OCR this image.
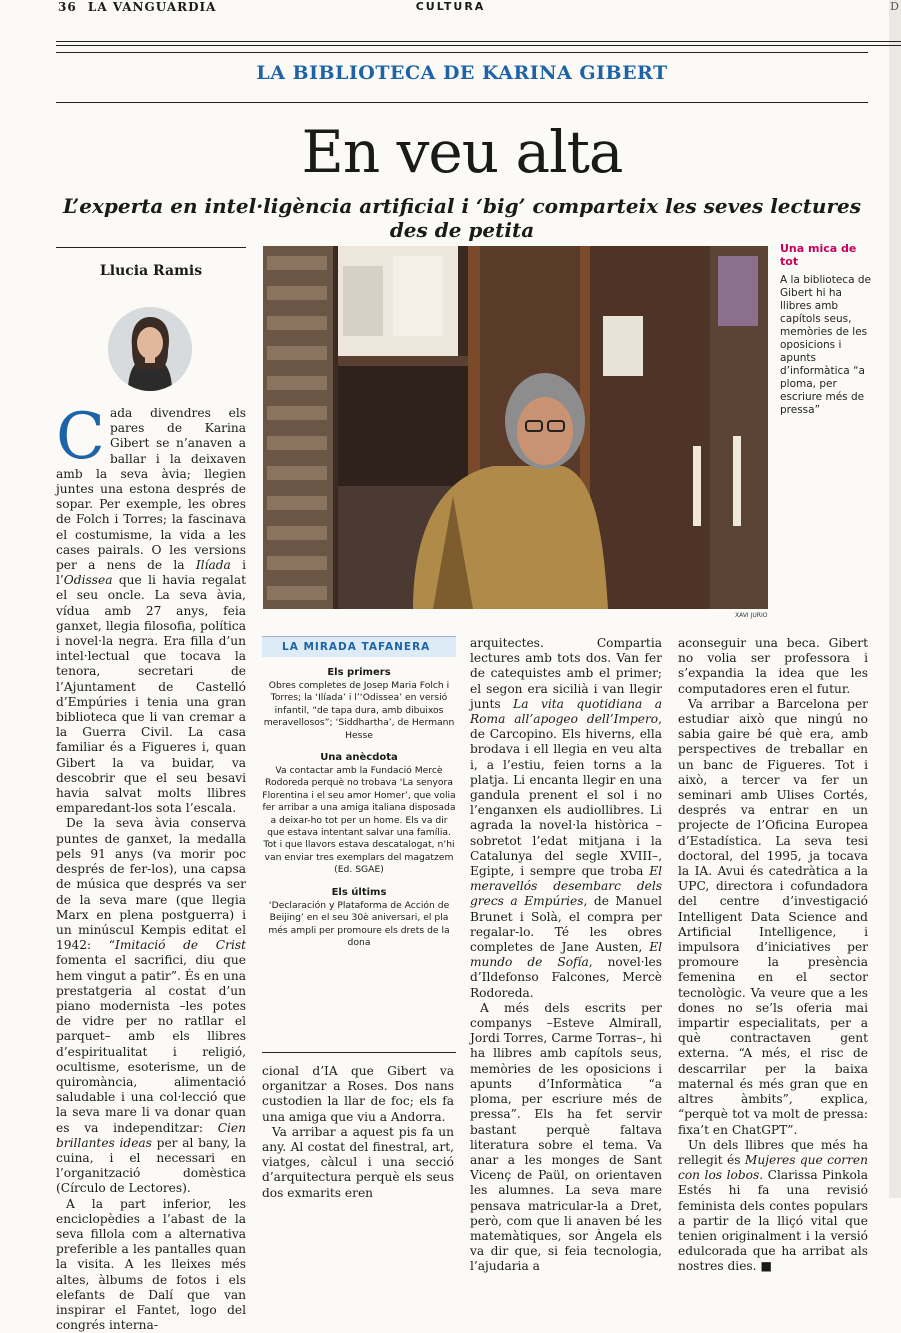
36 LA VANGUARDIA	CULTURA	D
LA BIBLIOTECA DE KARINA GIBERT
En veu alta
L’experta en intel·ligència artificial i ‘big’ comparteix les seves lectures des de petita
Llucia Ramis

Cada divendres els pares de Karina Gibert se n’anaven a ballar i la deixaven amb la seva àvia; llegien juntes una estona després de sopar. Per exemple, les obres de Folch i Torres; la fascinava el costumisme, la vida a les cases pairals. O les versions per a nens de la Ilíada i l’Odissea que li havia regalat el seu oncle. La seva àvia, vídua amb 27 anys, feia ganxet, llegia filosofia, política i novel·la negra. Era filla d’un intel·lectual que tocava la tenora, secretari de l’Ajuntament de Castelló d’Empúries i tenia una gran biblioteca que li van cremar a la Guerra Civil. La casa familiar és a Figueres i, quan Gibert la va buidar, va descobrir que el seu besavi havia salvat molts llibres emparedant-los sota l’escala.

De la seva àvia conserva puntes de ganxet, la medalla pels 91 anys (va morir poc després de fer-los), una capsa de música que després va ser de la seva mare (que llegia Marx en plena postguerra) i un minúscul Kempis editat el 1942: “Imitació de Crist fomenta el sacrifici, diu que hem vingut a patir”. És en una prestatgeria al costat d’un piano modernista –les potes de vidre per no ratllar el parquet– amb els llibres d’espiritualitat i religió, ocultisme, esoterisme, un de quiromància, alimentació saludable i una col·lecció que la seva mare li va donar quan es va independitzar: Cien brillantes ideas per al bany, la cuina, i el necessari en l’organització domèstica (Círculo de Lectores).

A la part inferior, les enciclopèdies a l’abast de la seva fillola com a alternativa preferible a les pantalles quan la visita. A les lleixes més altes, àlbums de fotos i els elefants de Dalí que van inspirar el Fantet, logo del congrés interna-

XAVI JURIO
Una mica de tot
A la biblioteca de Gibert hi ha llibres amb capítols seus, memòries de les oposicions i apunts d’informàtica “a ploma, per escriure més de pressa”
LA MIRADA TAFANERA
Els primers

Obres completes de Josep Maria Folch i Torres; la ‘Ilíada’ i l’‘Odissea’ en versió infantil, “de tapa dura, amb dibuixos meravellosos”; ‘Siddhartha’, de Hermann Hesse

Una anècdota

Va contactar amb la Fundació Mercè Rodoreda perquè no trobava ‘La senyora Florentina i el seu amor Homer’, que volia fer arribar a una amiga italiana disposada a deixar-ho tot per un home. Els va dir que estava intentant salvar una família. Tot i que llavors estava descatalogat, n’hi van enviar tres exemplars del magatzem (Ed. SGAE)

Els últims

‘Declaración y Plataforma de Acción de Beijing’ en el seu 30è aniversari, el pla més ampli per promoure els drets de la dona

cional d’IA que Gibert va organitzar a Roses. Dos nans custodien la llar de foc; els fa una amiga que viu a Andorra.

Va arribar a aquest pis fa un any. Al costat del finestral, art, viatges, càlcul i una secció d’arquitectura perquè els seus dos exmarits eren

arquitectes. Compartia lectures amb tots dos. Van fer de catequistes amb el primer; el segon era sicilià i van llegir junts La vita quotidiana a Roma all’apogeo dell’Impero, de Carcopino. Els hiverns, ella brodava i ell llegia en veu alta i, a l’estiu, feien torns a la platja. Li encanta llegir en una gandula prenent el sol i no l’enganxen els audiollibres. Li agrada la novel·la històrica –sobretot l’edat mitjana i la Catalunya del segle XVIII–, Egipte, i sempre que troba El meravellós desembarc dels grecs a Empúries, de Manuel Brunet i Solà, el compra per regalar-lo. Té les obres completes de Jane Austen, El mundo de Sofía, novel·les d’Ildefonso Falcones, Mercè Rodoreda.

A més dels escrits per companys –Esteve Almirall, Jordi Torres, Carme Torras–, hi ha llibres amb capítols seus, memòries de les oposicions i apunts d’Informàtica “a ploma, per escriure més de pressa”. Els ha fet servir bastant perquè faltava literatura sobre el tema. Va anar a les monges de Sant Vicenç de Paül, on orientaven les alumnes. La seva mare pensava matricular-la a Dret, però, com que li anaven bé les matemàtiques, sor Àngela els va dir que, si feia tecnologia, l’ajudaria a

aconseguir una beca. Gibert no volia ser professora i s’expandia la idea que les computadores eren el futur.

Va arribar a Barcelona per estudiar això que ningú no sabia gaire bé què era, amb perspectives de treballar en un banc de Figueres. Tot i això, a tercer va fer un seminari amb Ulises Cortés, després va entrar en un projecte de l’Oficina Europea d’Estadística. La seva tesi doctoral, del 1995, ja tocava la IA. Avui és catedràtica a la UPC, directora i cofundadora del centre d’investigació Intelligent Data Science and Artificial Intelligence, i impulsora d’iniciatives per promoure la presència femenina en el sector tecnològic. Va veure que a les dones no se’ls oferia mai impartir especialitats, per a què contractaven gent externa. “A més, el risc de descarrilar per la baixa maternal és més gran que en altres àmbits”, explica, “perquè tot va molt de pressa: fixa’t en ChatGPT”.

Un dels llibres que més ha rellegit és Mujeres que corren con los lobos. Clarissa Pinkola Estés hi fa una revisió feminista dels contes populars a partir de la lliçó vital que tenien originalment i la versió edulcorada que ha arribat als nostres dies. ■
